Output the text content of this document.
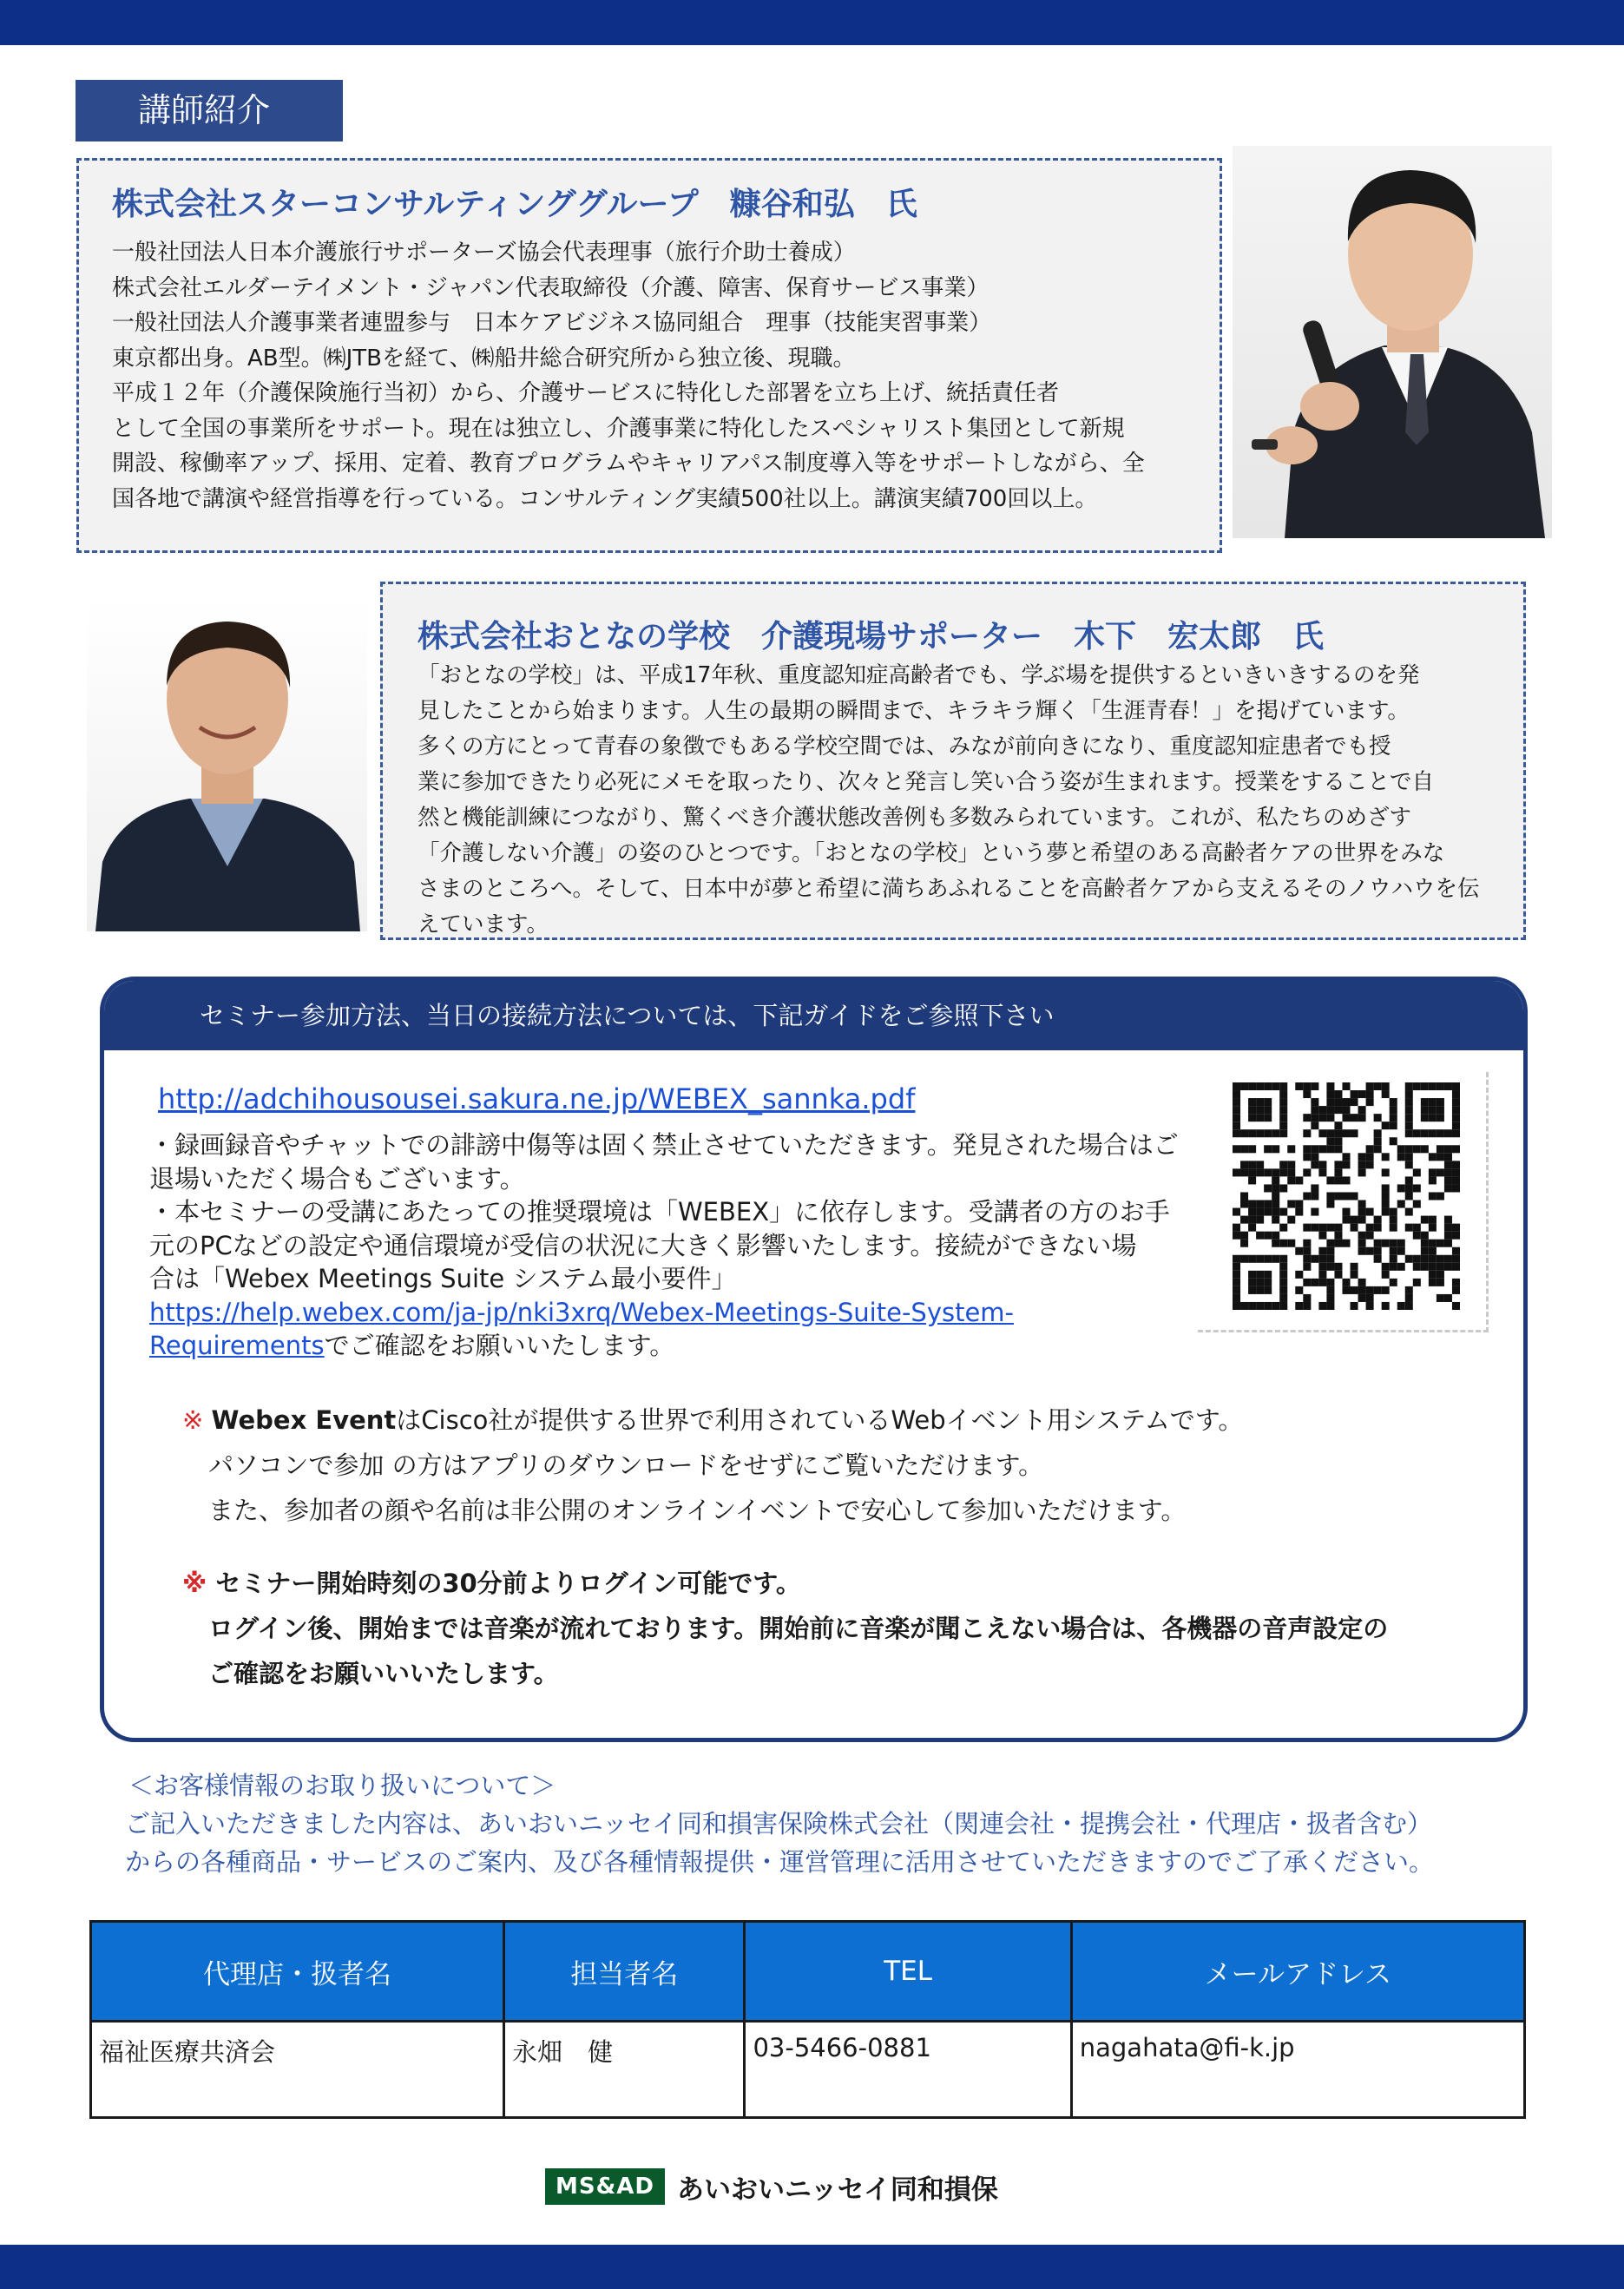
講師紹介
株式会社スターコンサルティンググループ　糠谷和弘　氏
一般社団法人日本介護旅行サポーターズ協会代表理事（旅行介助士養成）
株式会社エルダーテイメント・ジャパン代表取締役（介護、障害、保育サービス事業）
一般社団法人介護事業者連盟参与　日本ケアビジネス協同組合　理事（技能実習事業）
東京都出身。AB型。㈱JTBを経て、㈱船井総合研究所から独立後、現職。
平成１２年（介護保険施行当初）から、介護サービスに特化した部署を立ち上げ、統括責任者
として全国の事業所をサポート。現在は独立し、介護事業に特化したスペシャリスト集団として新規
開設、稼働率アップ、採用、定着、教育プログラムやキャリアパス制度導入等をサポートしながら、全
国各地で講演や経営指導を行っている。コンサルティング実績500社以上。講演実績700回以上。
株式会社おとなの学校　介護現場サポーター　木下　宏太郎　氏
「おとなの学校」は、平成17年秋、重度認知症高齢者でも、学ぶ場を提供するといきいきするのを発
見したことから始まります。人生の最期の瞬間まで、キラキラ輝く「生涯青春！」を掲げています。
多くの方にとって青春の象徴でもある学校空間では、みなが前向きになり、重度認知症患者でも授
業に参加できたり必死にメモを取ったり、次々と発言し笑い合う姿が生まれます。授業をすることで自
然と機能訓練につながり、驚くべき介護状態改善例も多数みられています。これが、私たちのめざす
「介護しない介護」の姿のひとつです。「おとなの学校」という夢と希望のある高齢者ケアの世界をみな
さまのところへ。そして、日本中が夢と希望に満ちあふれることを高齢者ケアから支えるそのノウハウを伝
えています。
セミナー参加方法、当日の接続方法については、下記ガイドをご参照下さい
http://adchihousousei.sakura.ne.jp/WEBEX_sannka.pdf
・録画録音やチャットでの誹謗中傷等は固く禁止させていただきます。発見された場合はご
退場いただく場合もございます。
・本セミナーの受講にあたっての推奨環境は「WEBEX」に依存します。受講者の方のお手
元のPCなどの設定や通信環境が受信の状況に大きく影響いたします。接続ができない場
合は「Webex Meetings Suite システム最小要件」
https://help.webex.com/ja-jp/nki3xrq/Webex-Meetings-Suite-System-
Requirementsでご確認をお願いいたします。
※ Webex EventはCisco社が提供する世界で利用されているWebイベント用システムです。
パソコンで参加 の方はアプリのダウンロードをせずにご覧いただけます。
また、参加者の顔や名前は非公開のオンラインイベントで安心して参加いただけます。
※ セミナー開始時刻の30分前よりログイン可能です。
ログイン後、開始までは音楽が流れております。開始前に音楽が聞こえない場合は、各機器の音声設定の
ご確認をお願いいいたします。
＜お客様情報のお取り扱いについて＞
ご記入いただきました内容は、あいおいニッセイ同和損害保険株式会社（関連会社・提携会社・代理店・扱者含む）
からの各種商品・サービスのご案内、及び各種情報提供・運営管理に活用させていただきますのでご了承ください。
代理店・扱者名	担当者名	TEL	メールアドレス
福祉医療共済会	永畑　健	03-5466-0881	nagahata@fi-k.jp
MS&AD あいおいニッセイ同和損保
